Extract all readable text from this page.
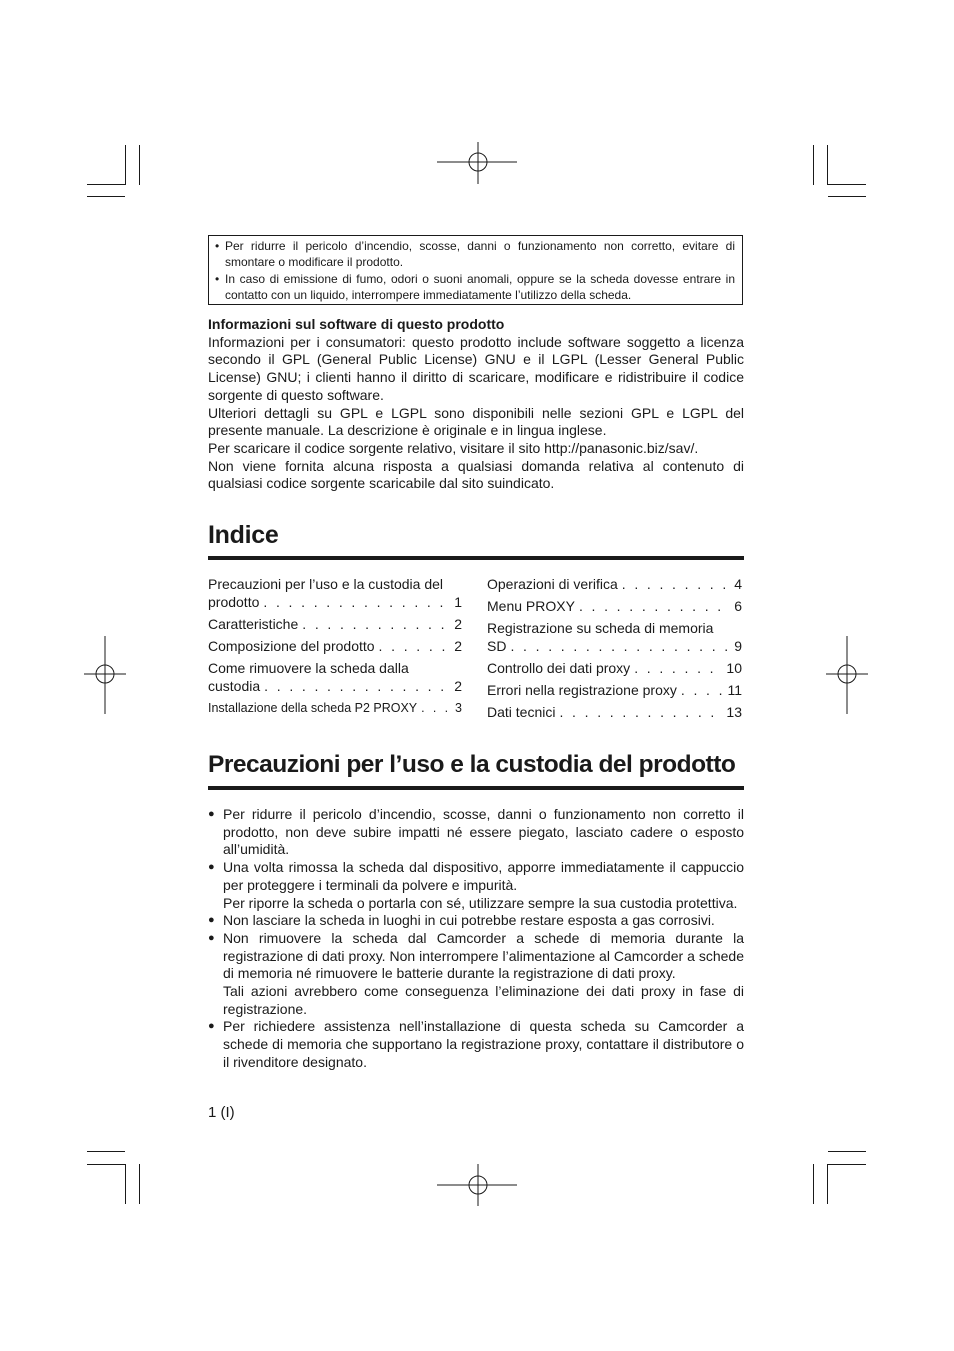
• Per ridurre il pericolo d’incendio, scosse, danni o funzionamento non corretto, evitare di smontare o modificare il prodotto.
• In caso di emissione di fumo, odori o suoni anomali, oppure se la scheda dovesse entrare in contatto con un liquido, interrompere immediatamente l’utilizzo della scheda.

Informazioni sul software di questo prodotto

Informazioni per i consumatori: questo prodotto include software soggetto a licenza secondo il GPL (General Public License) GNU e il LGPL (Lesser General Public License) GNU; i clienti hanno il diritto di scaricare, modificare e ridistribuire il codice sorgente di questo software.

Ulteriori dettagli su GPL e LGPL sono disponibili nelle sezioni GPL e LGPL del presente manuale. La descrizione è originale e in lingua inglese.

Per scaricare il codice sorgente relativo, visitare il sito http://panasonic.biz/sav/.

Non viene fornita alcuna risposta a qualsiasi domanda relativa al contenuto di qualsiasi codice sorgente scaricabile dal sito suindicato.

Indice
Precauzioni per l’uso e la custodia del
prodotto . . .	1
Caratteristiche . . .	2
Composizione del prodotto . . .	2
Come rimuovere la scheda dalla
custodia . . .	2
Installazione della scheda P2 PROXY . . .	3
Operazioni di verifica . . .	4
Menu PROXY . . .	6
Registrazione su scheda di memoria
SD . . .	9
Controllo dei dati proxy . . .	10
Errori nella registrazione proxy . . .	11
Dati tecnici . . .	13
Precauzioni per l’uso e la custodia del prodotto
● Per ridurre il pericolo d’incendio, scosse, danni o funzionamento non corretto il prodotto, non deve subire impatti né essere piegato, lasciato cadere o esposto all’umidità.
● Una volta rimossa la scheda dal dispositivo, apporre immediatamente il cappuccio per proteggere i terminali da polvere e impurità.
Per riporre la scheda o portarla con sé, utilizzare sempre la sua custodia protettiva.
● Non lasciare la scheda in luoghi in cui potrebbe restare esposta a gas corrosivi.
● Non rimuovere la scheda dal Camcorder a schede di memoria durante la registrazione di dati proxy. Non interrompere l’alimentazione al Camcorder a schede di memoria né rimuovere le batterie durante la registrazione di dati proxy.
Tali azioni avrebbero come conseguenza l’eliminazione dei dati proxy in fase di registrazione.
● Per richiedere assistenza nell’installazione di questa scheda su Camcorder a schede di memoria che supportano la registrazione proxy, contattare il distributore o il rivenditore designato.
1 (I)
